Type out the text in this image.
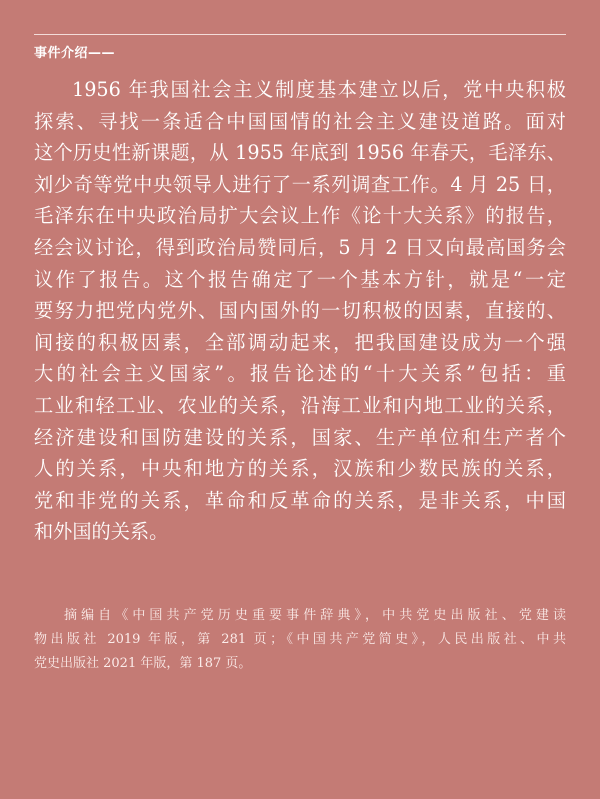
事件介绍——
1956 年我国社会主义制度基本建立以后，党中央积极
探索、寻找一条适合中国国情的社会主义建设道路。面对
这个历史性新课题，从 1955 年底到 1956 年春天，毛泽东、
刘少奇等党中央领导人进行了一系列调查工作。4 月 25 日，
毛泽东在中央政治局扩大会议上作《论十大关系》的报告，
经会议讨论，得到政治局赞同后，5 月 2 日又向最高国务会
议作了报告。这个报告确定了一个基本方针，就是“一定
要努力把党内党外、国内国外的一切积极的因素，直接的、
间接的积极因素，全部调动起来，把我国建设成为一个强
大的社会主义国家”。报告论述的“十大关系”包括：重
工业和轻工业、农业的关系，沿海工业和内地工业的关系，
经济建设和国防建设的关系，国家、生产单位和生产者个
人的关系，中央和地方的关系，汉族和少数民族的关系，
党和非党的关系，革命和反革命的关系，是非关系，中国
和外国的关系。
摘编自《中国共产党历史重要事件辞典》，中共党史出版社、党建读
物出版社 2019 年版，第 281 页；《中国共产党简史》，人民出版社、中共
党史出版社 2021 年版，第 187 页。
